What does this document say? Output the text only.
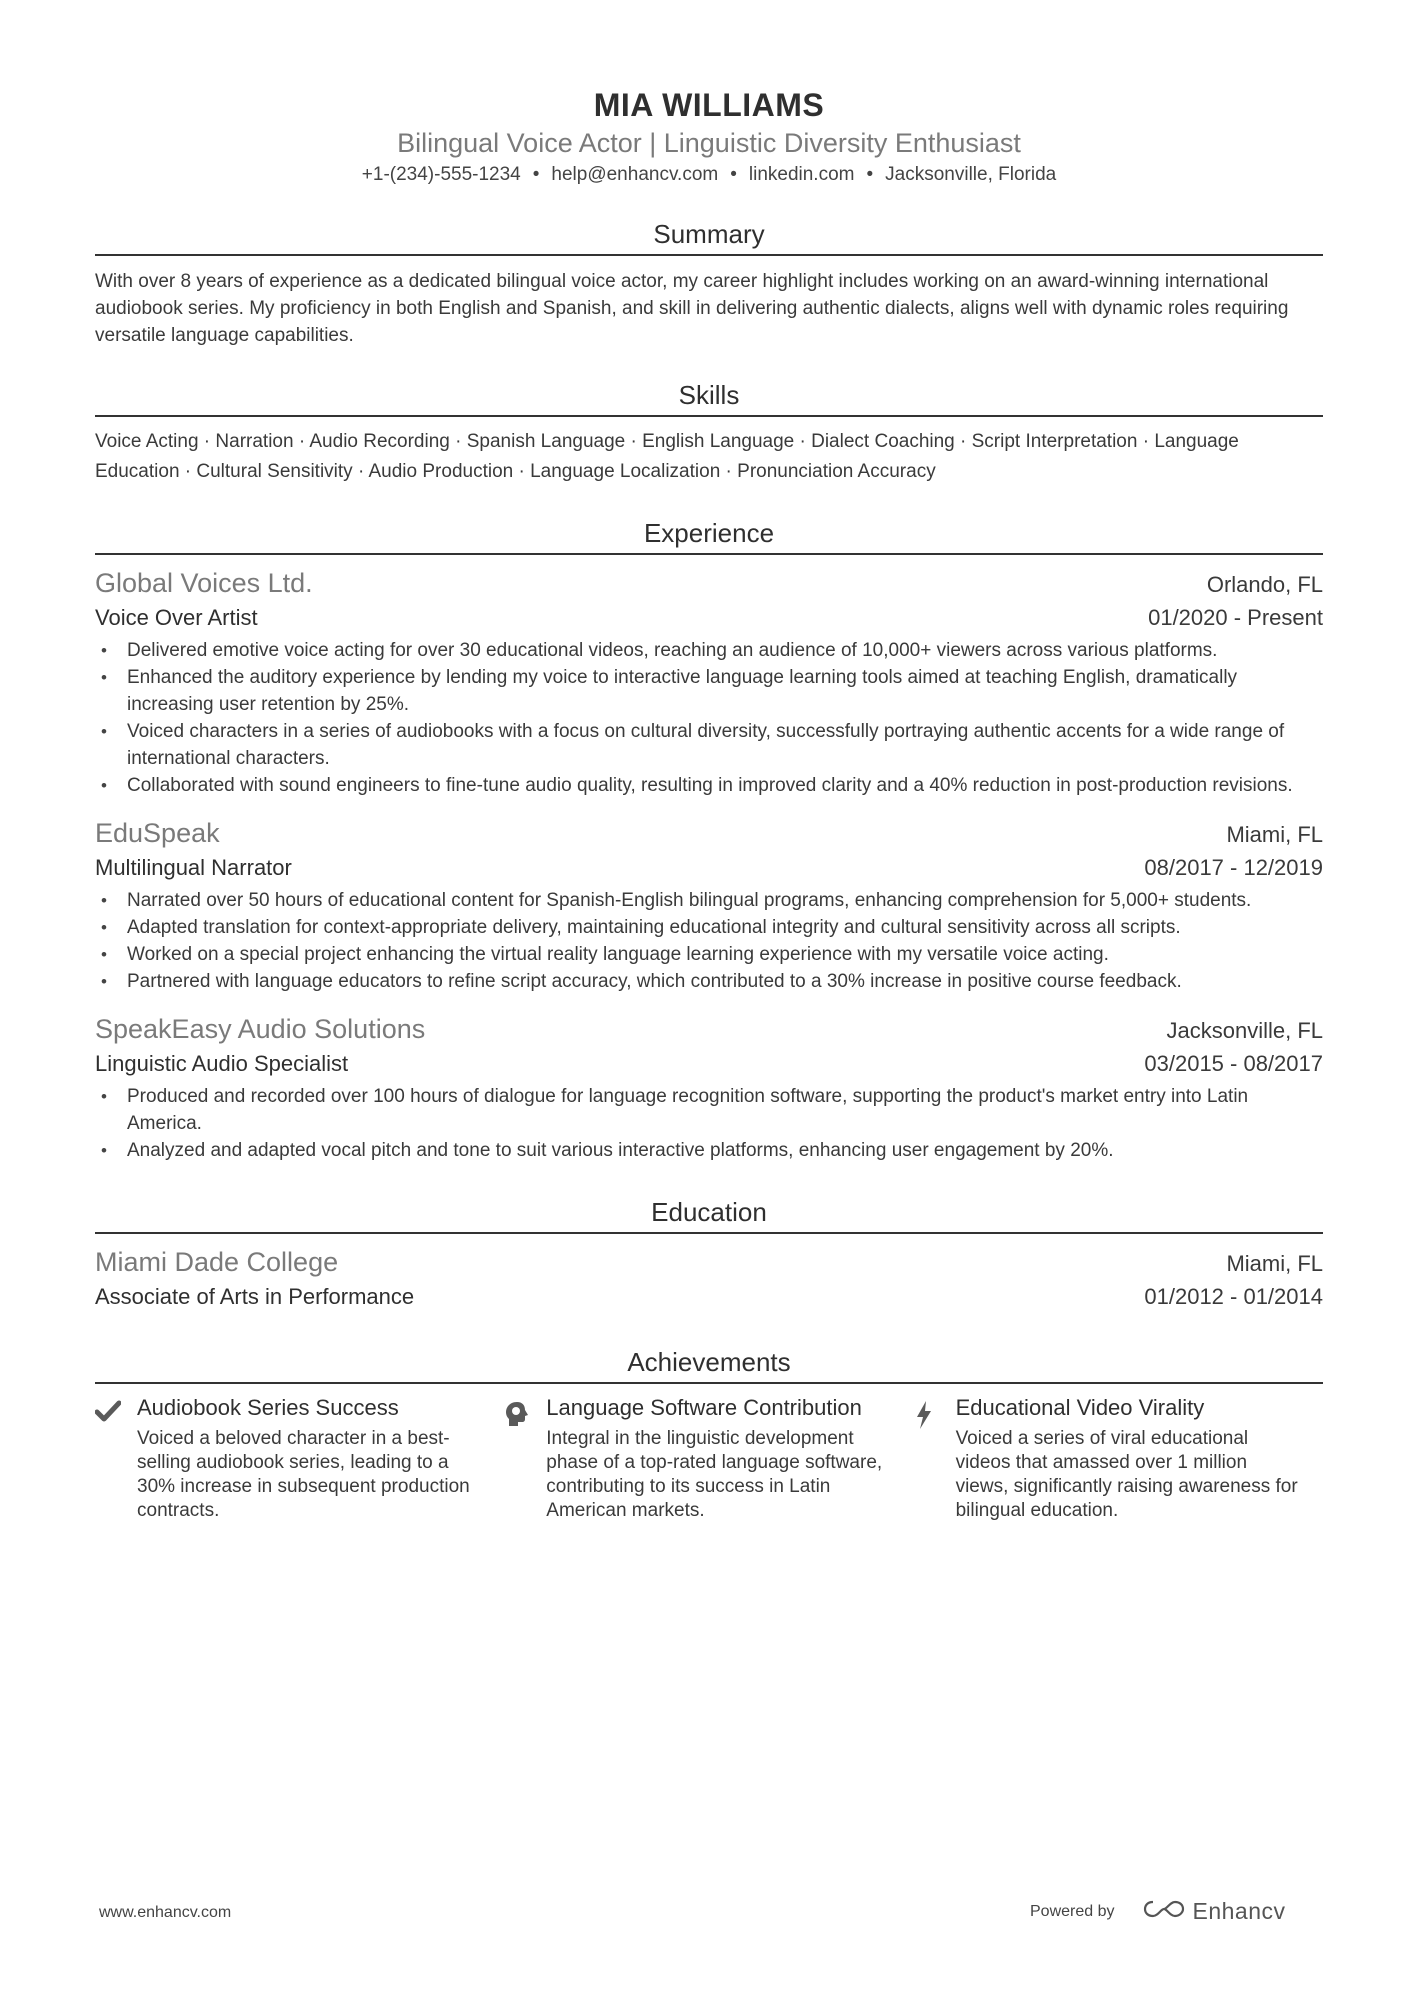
MIA WILLIAMS
Bilingual Voice Actor | Linguistic Diversity Enthusiast
+1-(234)-555-1234 • help@enhancv.com • linkedin.com • Jacksonville, Florida
Summary
With over 8 years of experience as a dedicated bilingual voice actor, my career highlight includes working on an award-winning international audiobook series. My proficiency in both English and Spanish, and skill in delivering authentic dialects, aligns well with dynamic roles requiring versatile language capabilities.
Skills
Voice Acting · Narration · Audio Recording · Spanish Language · English Language · Dialect Coaching · Script Interpretation · Language Education · Cultural Sensitivity · Audio Production · Language Localization · Pronunciation Accuracy
Experience
Global Voices Ltd.	Orlando, FL
Voice Over Artist	01/2020 - Present
• Delivered emotive voice acting for over 30 educational videos, reaching an audience of 10,000+ viewers across various platforms.
• Enhanced the auditory experience by lending my voice to interactive language learning tools aimed at teaching English, dramatically increasing user retention by 25%.
• Voiced characters in a series of audiobooks with a focus on cultural diversity, successfully portraying authentic accents for a wide range of international characters.
• Collaborated with sound engineers to fine-tune audio quality, resulting in improved clarity and a 40% reduction in post-production revisions.
EduSpeak	Miami, FL
Multilingual Narrator	08/2017 - 12/2019
• Narrated over 50 hours of educational content for Spanish-English bilingual programs, enhancing comprehension for 5,000+ students.
• Adapted translation for context-appropriate delivery, maintaining educational integrity and cultural sensitivity across all scripts.
• Worked on a special project enhancing the virtual reality language learning experience with my versatile voice acting.
• Partnered with language educators to refine script accuracy, which contributed to a 30% increase in positive course feedback.
SpeakEasy Audio Solutions	Jacksonville, FL
Linguistic Audio Specialist	03/2015 - 08/2017
• Produced and recorded over 100 hours of dialogue for language recognition software, supporting the product's market entry into Latin America.
• Analyzed and adapted vocal pitch and tone to suit various interactive platforms, enhancing user engagement by 20%.
Education
Miami Dade College	Miami, FL
Associate of Arts in Performance	01/2012 - 01/2014
Achievements
Audiobook Series Success
Voiced a beloved character in a best-selling audiobook series, leading to a 30% increase in subsequent production contracts.
Language Software Contribution
Integral in the linguistic development phase of a top-rated language software, contributing to its success in Latin American markets.
Educational Video Virality
Voiced a series of viral educational videos that amassed over 1 million views, significantly raising awareness for bilingual education.
www.enhancv.com	Powered by	Enhancv
